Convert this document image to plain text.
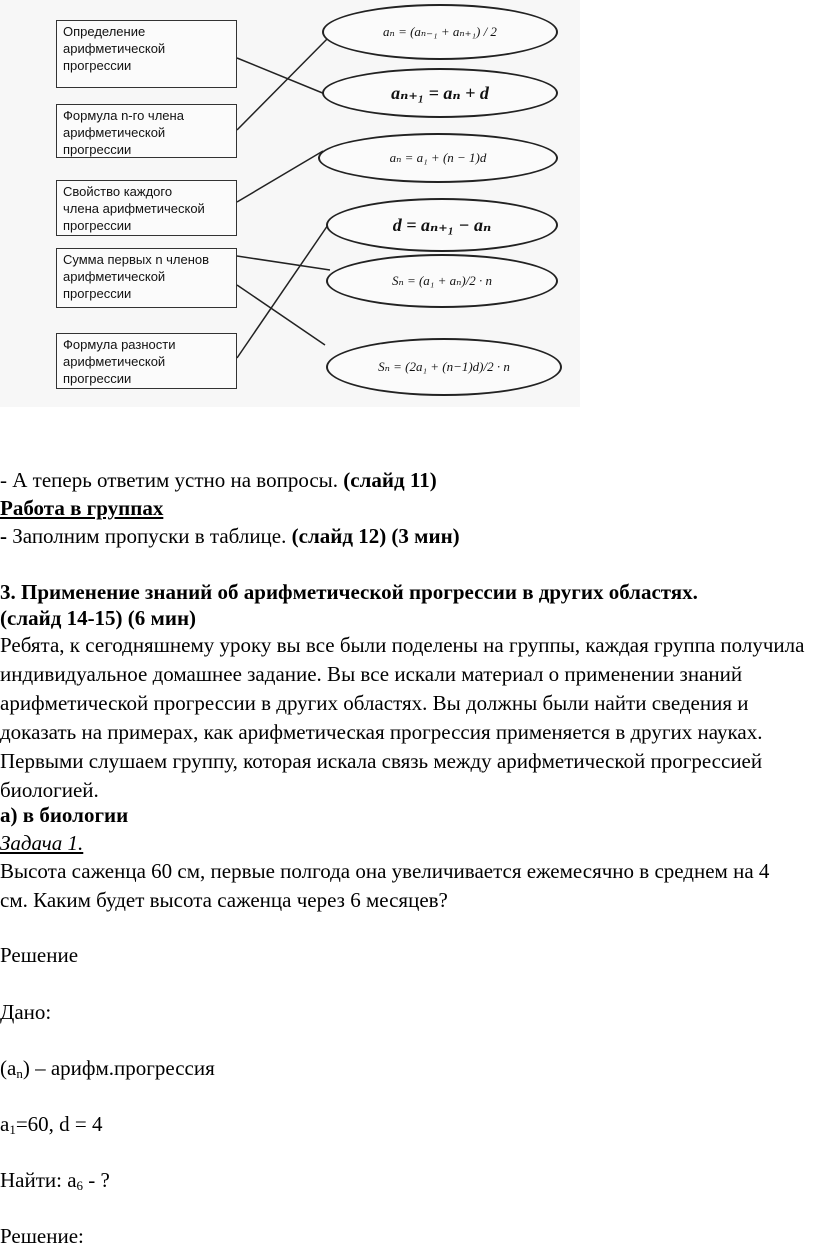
Определение
арифметической
прогрессии
Формула n-го члена
арифметической
прогрессии
Свойство каждого
члена арифметической
прогрессии
Сумма первых n членов
арифметической
прогрессии
Формула разности
арифметической
прогрессии
aₙ = (aₙ₋₁ + aₙ₊₁) / 2
aₙ₊₁ = aₙ + d
aₙ = a₁ + (n − 1)d
d = aₙ₊₁ − aₙ
Sₙ = (a₁ + aₙ)/2 · n
Sₙ = (2a₁ + (n−1)d)/2 · n
- А теперь ответим устно на вопросы. (слайд 11)
Работа в группах
- Заполним пропуски в таблице. (слайд 12) (3 мин)
3. Применение знаний об арифметической прогрессии в других областях.
(слайд 14-15) (6 мин)
Ребята, к сегодняшнему уроку вы все были поделены на группы, каждая группа получила индивидуальное домашнее задание. Вы все искали материал о применении знаний арифметической прогрессии в других областях. Вы должны были найти сведения и доказать на примерах, как арифметическая прогрессия применяется в других науках. Первыми слушаем группу, которая искала связь между арифметической прогрессией биологией.
а) в биологии
Задача 1.
Высота саженца 60 см, первые полгода она увеличивается ежемесячно в среднем на 4 см. Каким будет высота саженца через 6 месяцев?
Решение
Дано:
$(a_n)$ – арифм.прогрессия
$a_1=60$, d = 4
Найти: $a_6$ - ?
Решение:
